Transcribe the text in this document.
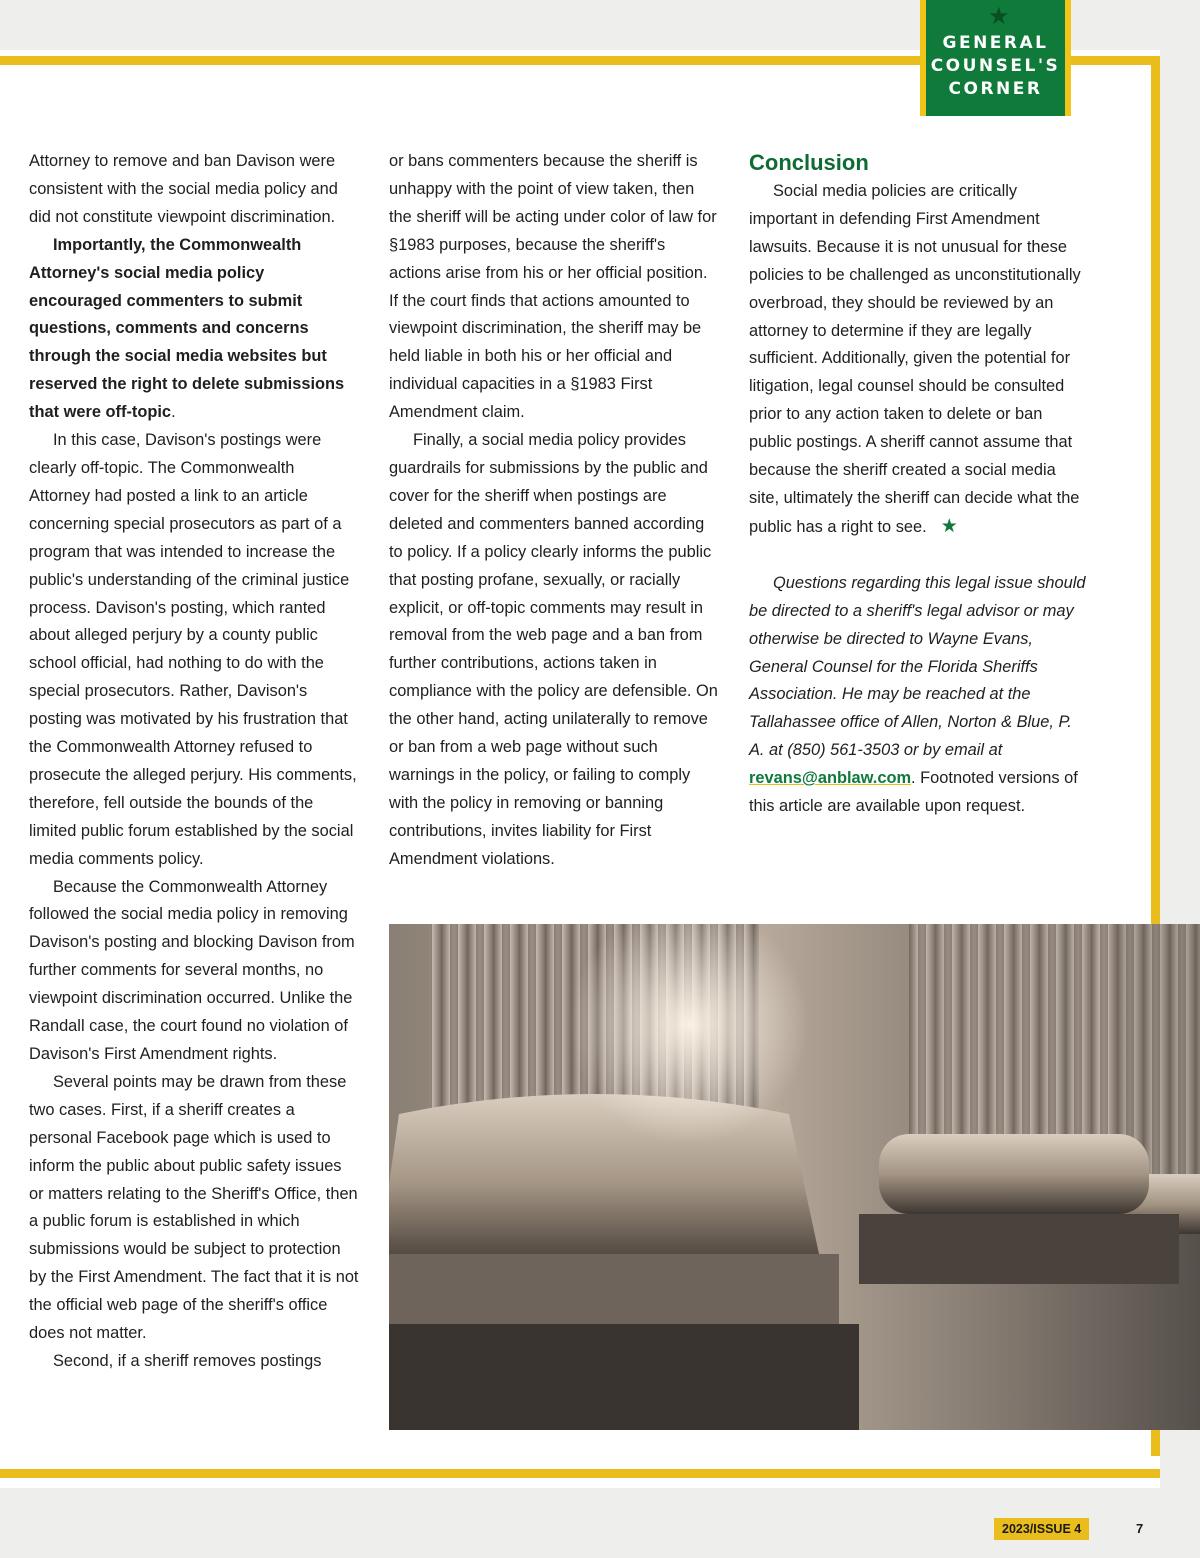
★
GENERAL
COUNSEL'S
CORNER

Attorney to remove and ban Davison were consistent with the social media policy and did not constitute viewpoint discrimination.

Importantly, the Commonwealth Attorney's social media policy encouraged commenters to submit questions, comments and concerns through the social media websites but reserved the right to delete submissions that were off-topic.

In this case, Davison's postings were clearly off-topic. The Commonwealth Attorney had posted a link to an article concerning special prosecutors as part of a program that was intended to increase the public's understanding of the criminal justice process. Davison's posting, which ranted about alleged perjury by a county public school official, had nothing to do with the special prosecutors. Rather, Davison's posting was motivated by his frustration that the Commonwealth Attorney refused to prosecute the alleged perjury. His comments, therefore, fell outside the bounds of the limited public forum established by the social media comments policy.

Because the Commonwealth Attorney followed the social media policy in removing Davison's posting and blocking Davison from further comments for several months, no viewpoint discrimination occurred. Unlike the Randall case, the court found no violation of Davison's First Amendment rights.

Several points may be drawn from these two cases. First, if a sheriff creates a personal Facebook page which is used to inform the public about public safety issues or matters relating to the Sheriff's Office, then a public forum is established in which submissions would be subject to protection by the First Amendment. The fact that it is not the official web page of the sheriff's office does not matter.

Second, if a sheriff removes postings

or bans commenters because the sheriff is unhappy with the point of view taken, then the sheriff will be acting under color of law for §1983 purposes, because the sheriff's actions arise from his or her official position. If the court finds that actions amounted to viewpoint discrimination, the sheriff may be held liable in both his or her official and individual capacities in a §1983 First Amendment claim.

Finally, a social media policy provides guardrails for submissions by the public and cover for the sheriff when postings are deleted and commenters banned according to policy. If a policy clearly informs the public that posting profane, sexually, or racially explicit, or off-topic comments may result in removal from the web page and a ban from further contributions, actions taken in compliance with the policy are defensible. On the other hand, acting unilaterally to remove or ban from a web page without such warnings in the policy, or failing to comply with the policy in removing or banning contributions, invites liability for First Amendment violations.

Conclusion

Social media policies are critically important in defending First Amendment lawsuits. Because it is not unusual for these policies to be challenged as unconstitutionally overbroad, they should be reviewed by an attorney to determine if they are legally sufficient. Additionally, given the potential for litigation, legal counsel should be consulted prior to any action taken to delete or ban public postings. A sheriff cannot assume that because the sheriff created a social media site, ultimately the sheriff can decide what the public has a right to see. ★

Questions regarding this legal issue should be directed to a sheriff's legal advisor or may otherwise be directed to Wayne Evans, General Counsel for the Florida Sheriffs Association. He may be reached at the Tallahassee office of Allen, Norton & Blue, P. A. at (850) 561-3503 or by email at revans@anblaw.com. Footnoted versions of this article are available upon request.

2023/ISSUE 4	7
